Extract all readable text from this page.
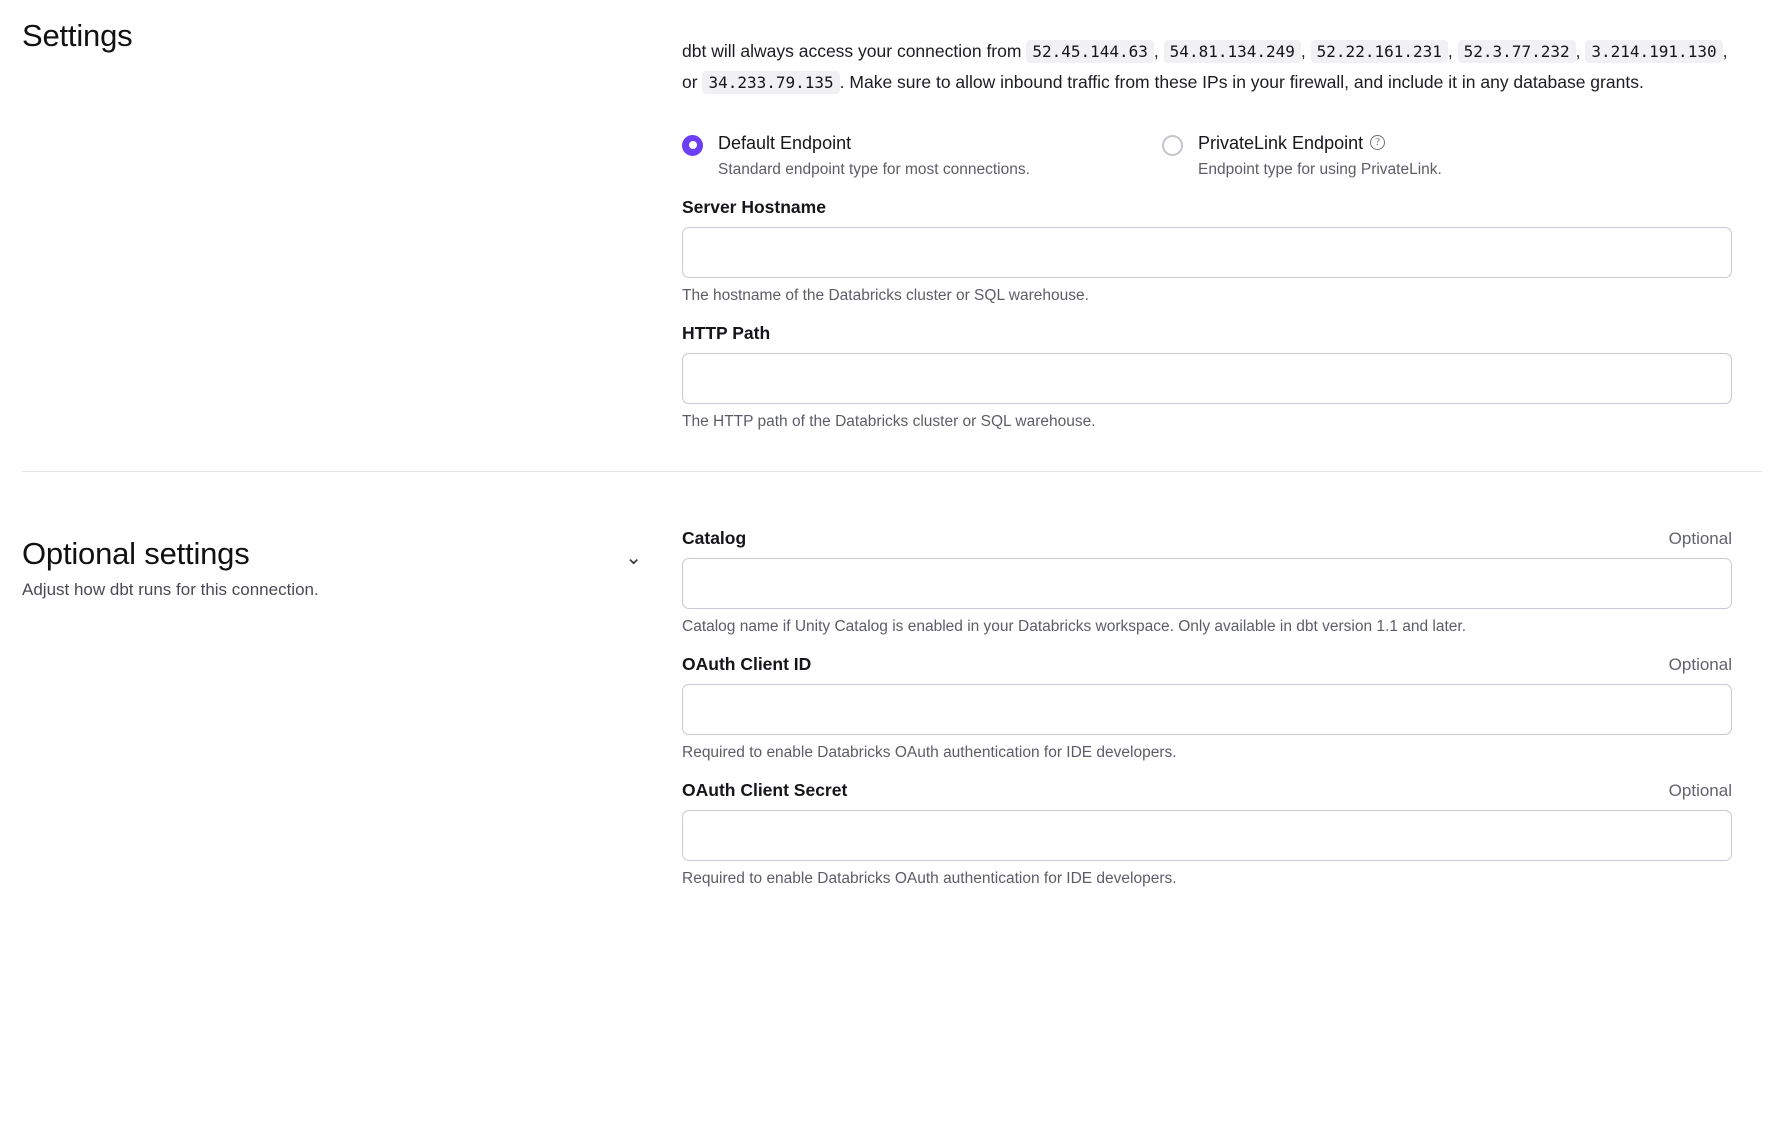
Settings	dbt will always access your connection from 52.45.144.63 , 54.81.134.249 , 52.22.161.231 , 52.3.77.232 , 3.214.191.130 , or 34.233.79.135 . Make sure to allow inbound traffic from these IPs in your firewall, and include it in any database grants.

Default Endpoint
Standard endpoint type for most connections.
PrivateLink Endpoint	?
Endpoint type for using PrivateLink.
Server Hostname
The hostname of the Databricks cluster or SQL warehouse.
HTTP Path
The HTTP path of the Databricks cluster or SQL warehouse.
Optional settings
Adjust how dbt runs for this connection.
⌄
Catalog	Optional
Catalog name if Unity Catalog is enabled in your Databricks workspace. Only available in dbt version 1.1 and later.
OAuth Client ID	Optional
Required to enable Databricks OAuth authentication for IDE developers.
OAuth Client Secret	Optional
Required to enable Databricks OAuth authentication for IDE developers.
